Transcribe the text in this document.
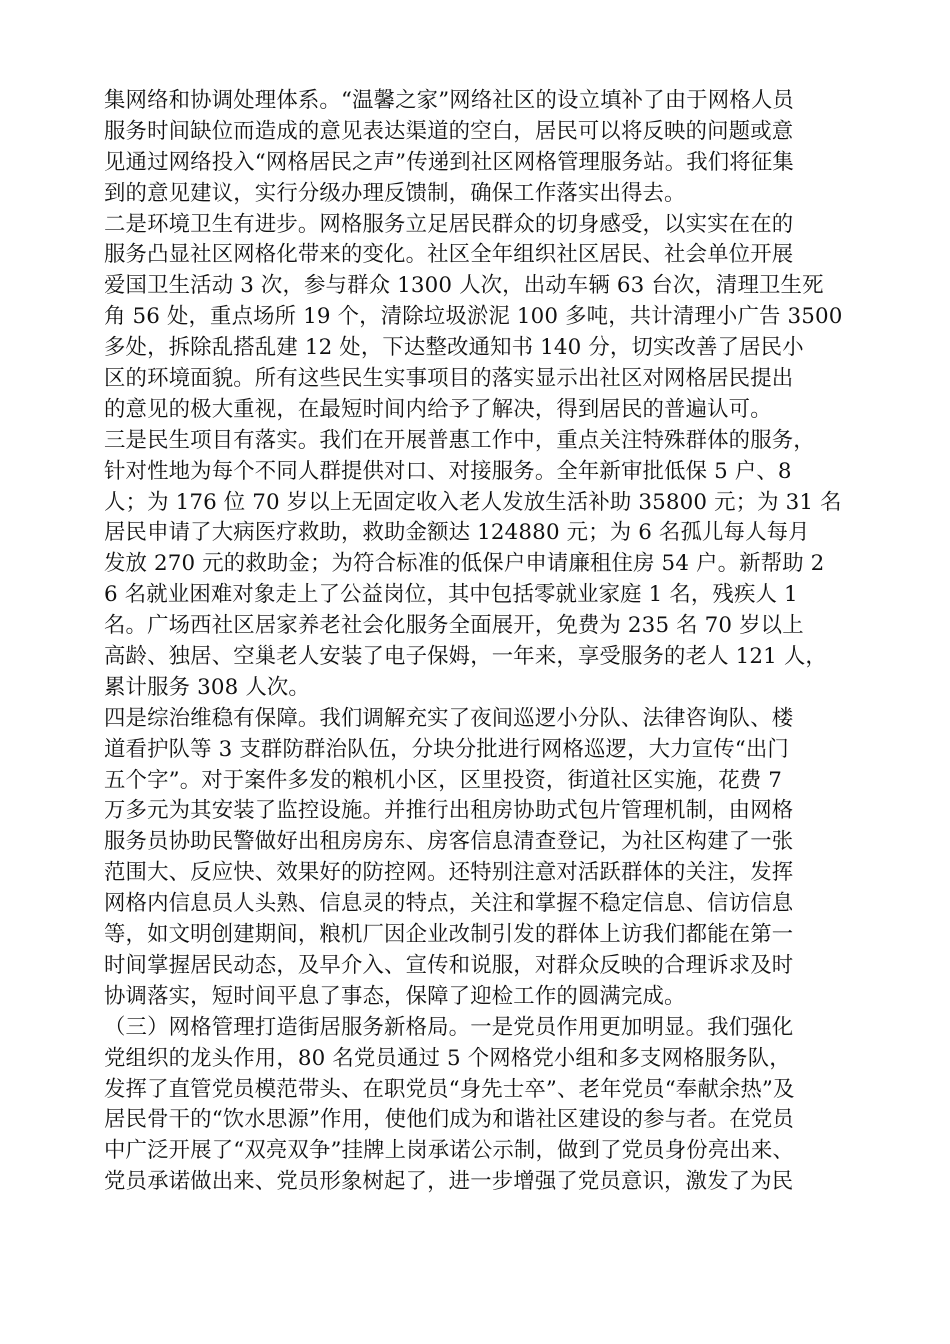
集网络和协调处理体系。“温馨之家”网络社区的设立填补了由于网格人员
服务时间缺位而造成的意见表达渠道的空白，居民可以将反映的问题或意
见通过网络投入“网格居民之声”传递到社区网格管理服务站。我们将征集
到的意见建议，实行分级办理反馈制，确保工作落实出得去。
二是环境卫生有进步。网格服务立足居民群众的切身感受，以实实在在的
服务凸显社区网格化带来的变化。社区全年组织社区居民、社会单位开展
爱国卫生活动 3 次，参与群众 1300 人次，出动车辆 63 台次，清理卫生死
角 56 处，重点场所 19 个，清除垃圾淤泥 100 多吨，共计清理小广告 3500
多处，拆除乱搭乱建 12 处，下达整改通知书 140 分，切实改善了居民小
区的环境面貌。所有这些民生实事项目的落实显示出社区对网格居民提出
的意见的极大重视，在最短时间内给予了解决，得到居民的普遍认可。
三是民生项目有落实。我们在开展普惠工作中，重点关注特殊群体的服务，
针对性地为每个不同人群提供对口、对接服务。全年新审批低保 5 户、8
人；为 176 位 70 岁以上无固定收入老人发放生活补助 35800 元；为 31 名
居民申请了大病医疗救助，救助金额达 124880 元；为 6 名孤儿每人每月
发放 270 元的救助金；为符合标准的低保户申请廉租住房 54 户。新帮助 2
6 名就业困难对象走上了公益岗位，其中包括零就业家庭 1 名，残疾人 1
名。广场西社区居家养老社会化服务全面展开，免费为 235 名 70 岁以上
高龄、独居、空巢老人安装了电子保姆，一年来，享受服务的老人 121 人，
累计服务 308 人次。
四是综治维稳有保障。我们调解充实了夜间巡逻小分队、法律咨询队、楼
道看护队等 3 支群防群治队伍，分块分批进行网格巡逻，大力宣传“出门
五个字”。对于案件多发的粮机小区，区里投资，街道社区实施，花费 7
万多元为其安装了监控设施。并推行出租房协助式包片管理机制，由网格
服务员协助民警做好出租房房东、房客信息清查登记，为社区构建了一张
范围大、反应快、效果好的防控网。还特别注意对活跃群体的关注，发挥
网格内信息员人头熟、信息灵的特点，关注和掌握不稳定信息、信访信息
等，如文明创建期间，粮机厂因企业改制引发的群体上访我们都能在第一
时间掌握居民动态，及早介入、宣传和说服，对群众反映的合理诉求及时
协调落实，短时间平息了事态，保障了迎检工作的圆满完成。
（三）网格管理打造街居服务新格局。一是党员作用更加明显。我们强化
党组织的龙头作用，80 名党员通过 5 个网格党小组和多支网格服务队，
发挥了直管党员模范带头、在职党员“身先士卒”、老年党员“奉献余热”及
居民骨干的“饮水思源”作用，使他们成为和谐社区建设的参与者。在党员
中广泛开展了“双亮双争”挂牌上岗承诺公示制，做到了党员身份亮出来、
党员承诺做出来、党员形象树起了，进一步增强了党员意识，激发了为民
